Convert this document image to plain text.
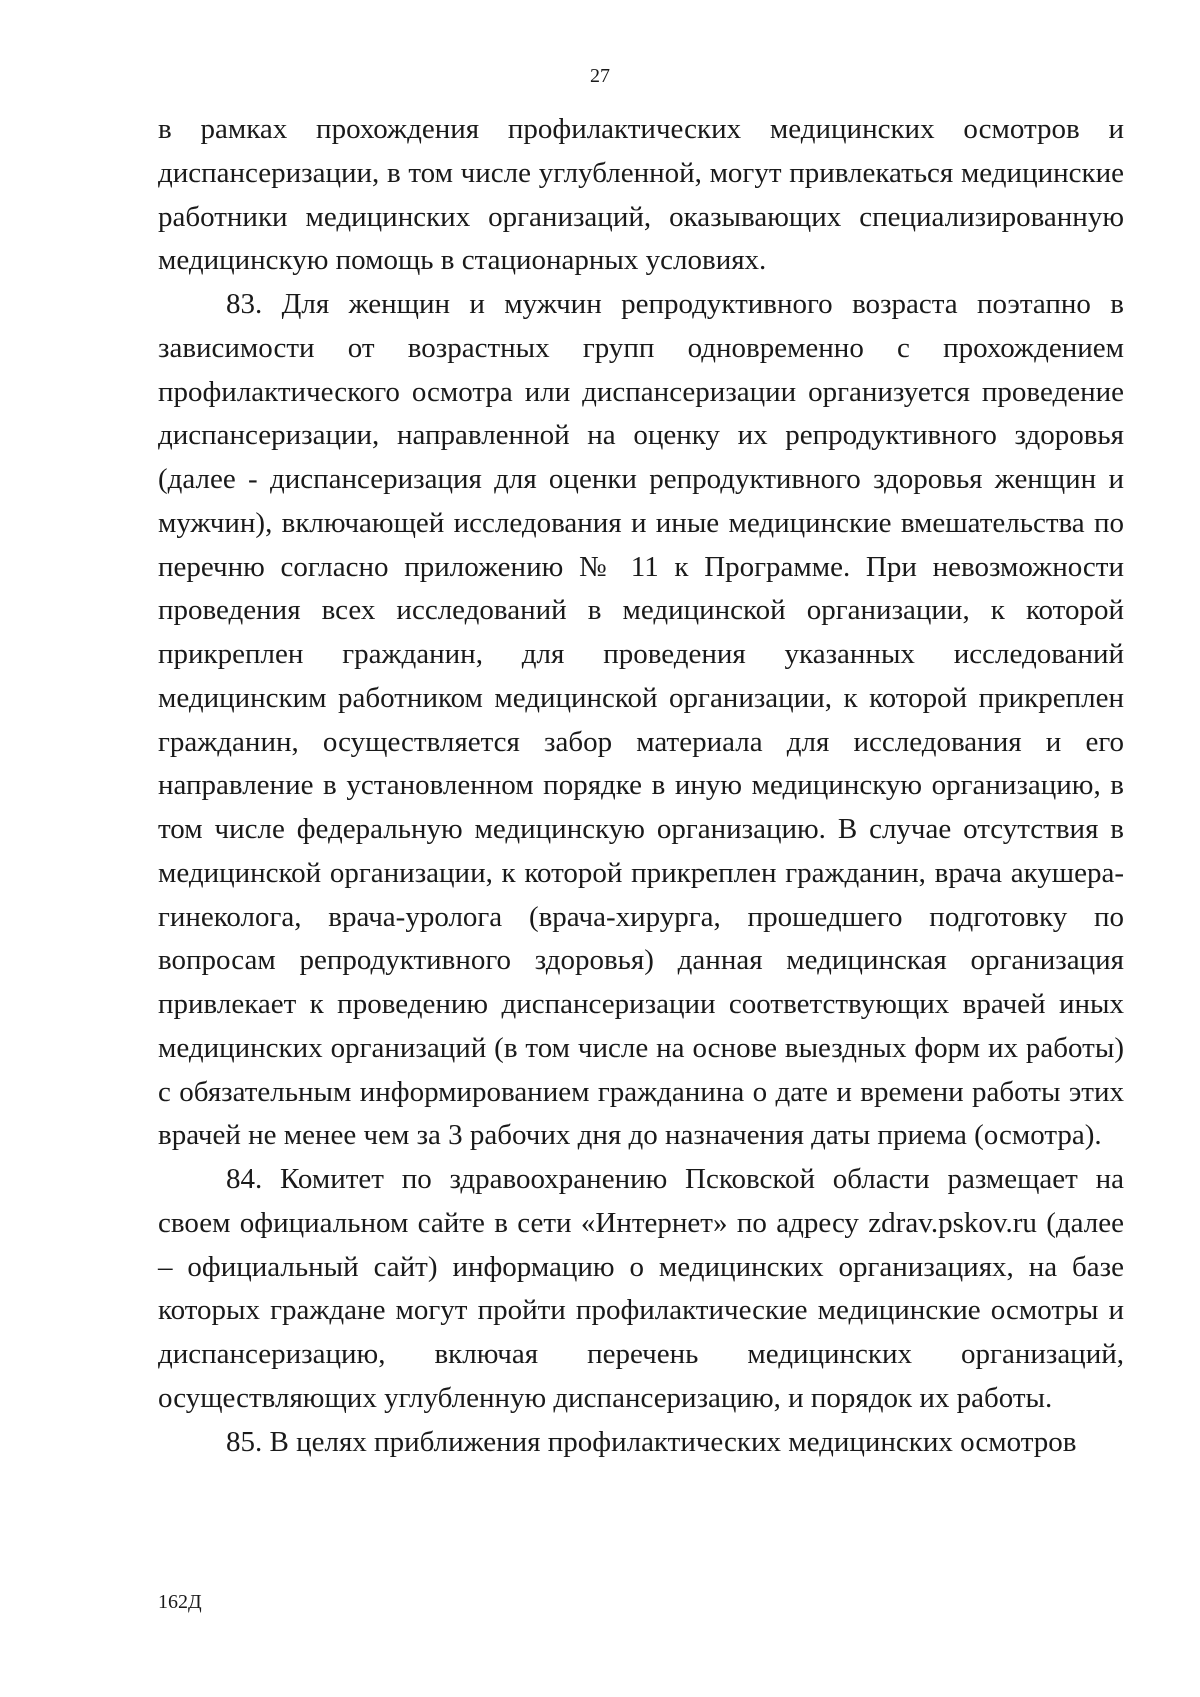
27

в рамках прохождения профилактических медицинских осмотров и диспансеризации, в том числе углубленной, могут привлекаться медицинские работники медицинских организаций, оказывающих специализированную медицинскую помощь в стационарных условиях.

83. Для женщин и мужчин репродуктивного возраста поэтапно в зависимости от возрастных групп одновременно с прохождением профилактического осмотра или диспансеризации организуется проведение диспансеризации, направленной на оценку их репродуктивного здоровья (далее - диспансеризация для оценки репродуктивного здоровья женщин и мужчин), включающей исследования и иные медицинские вмешательства по перечню согласно приложению № 11 к Программе. При невозможности проведения всех исследований в медицинской организации, к которой прикреплен гражданин, для проведения указанных исследований медицинским работником медицинской организации, к которой прикреплен гражданин, осуществляется забор материала для исследования и его направление в установленном порядке в иную медицинскую организацию, в том числе федеральную медицинскую организацию. В случае отсутствия в медицинской организации, к которой прикреплен гражданин, врача акушера-гинеколога, врача-уролога (врача-хирурга, прошедшего подготовку по вопросам репродуктивного здоровья) данная медицинская организация привлекает к проведению диспансеризации соответствующих врачей иных медицинских организаций (в том числе на основе выездных форм их работы) с обязательным информированием гражданина о дате и времени работы этих врачей не менее чем за 3 рабочих дня до назначения даты приема (осмотра).

84. Комитет по здравоохранению Псковской области размещает на своем официальном сайте в сети «Интернет» по адресу zdrav.pskov.ru (далее – официальный сайт) информацию о медицинских организациях, на базе которых граждане могут пройти профилактические медицинские осмотры и диспансеризацию, включая перечень медицинских организаций, осуществляющих углубленную диспансеризацию, и порядок их работы.

85. В целях приближения профилактических медицинских осмотров

162Д
